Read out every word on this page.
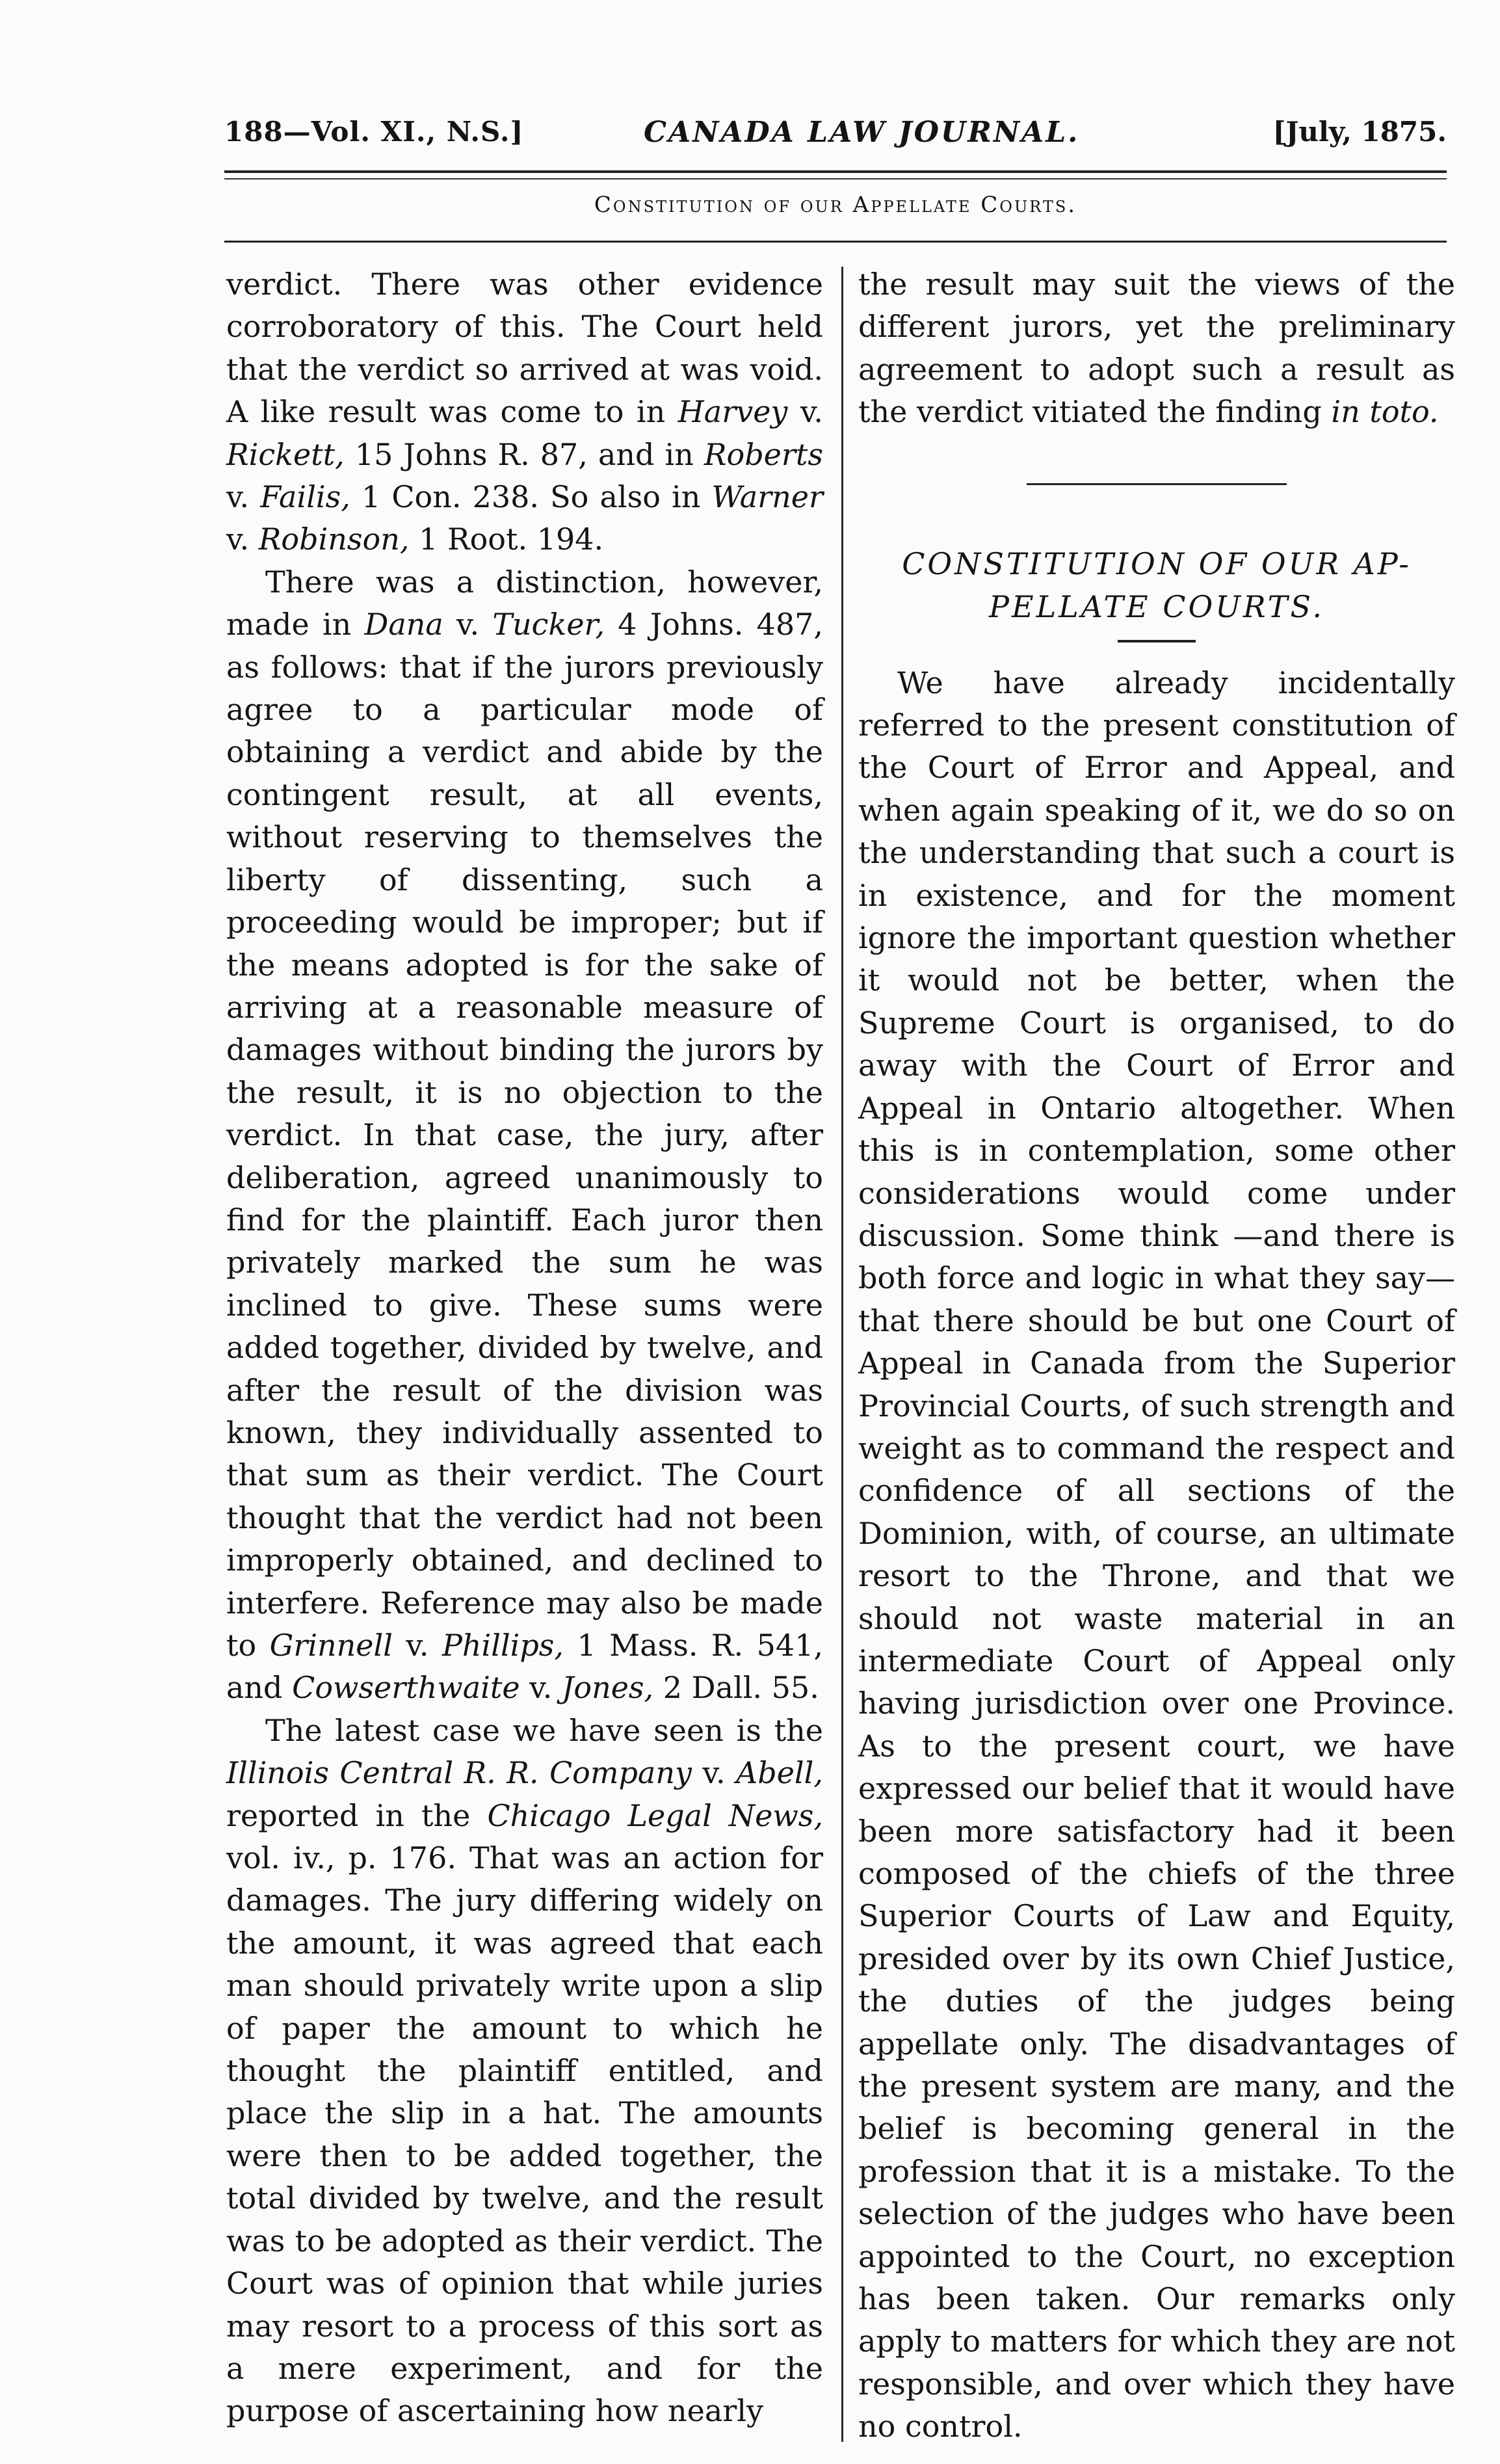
188—Vol. XI., N.S.]	CANADA LAW JOURNAL.	[July, 1875.
Constitution of our Appellate Courts.

verdict. There was other evidence corroboratory of this. The Court held that the verdict so arrived at was void. A like result was come to in Harvey v. Rickett, 15 Johns R. 87, and in Roberts v. Failis, 1 Con. 238. So also in Warner v. Robinson, 1 Root. 194.

There was a distinction, however, made in Dana v. Tucker, 4 Johns. 487, as follows: that if the jurors previously agree to a particular mode of obtaining a verdict and abide by the contingent result, at all events, without reserving to themselves the liberty of dissenting, such a proceeding would be improper; but if the means adopted is for the sake of arriving at a reasonable measure of damages without binding the jurors by the result, it is no objection to the verdict. In that case, the jury, after deliberation, agreed unanimously to find for the plaintiff. Each juror then privately marked the sum he was inclined to give. These sums were added together, divided by twelve, and after the result of the division was known, they individually assented to that sum as their verdict. The Court thought that the verdict had not been improperly obtained, and declined to interfere. Reference may also be made to Grinnell v. Phillips, 1 Mass. R. 541, and Cowserthwaite v. Jones, 2 Dall. 55.

The latest case we have seen is the Illinois Central R. R. Company v. Abell, reported in the Chicago Legal News, vol. iv., p. 176. That was an action for damages. The jury differing widely on the amount, it was agreed that each man should privately write upon a slip of paper the amount to which he thought the plaintiff entitled, and place the slip in a hat. The amounts were then to be added together, the total divided by twelve, and the result was to be adopted as their verdict. The Court was of opinion that while juries may resort to a process of this sort as a mere experiment, and for the purpose of ascertaining how nearly

the result may suit the views of the different jurors, yet the preliminary agreement to adopt such a result as the verdict vitiated the finding in toto.

CONSTITUTION OF OUR AP-
PELLATE COURTS.

We have already incidentally referred to the present constitution of the Court of Error and Appeal, and when again speaking of it, we do so on the understanding that such a court is in existence, and for the moment ignore the important question whether it would not be better, when the Supreme Court is organised, to do away with the Court of Error and Appeal in Ontario altogether. When this is in contemplation, some other considerations would come under discussion. Some think —and there is both force and logic in what they say—that there should be but one Court of Appeal in Canada from the Superior Provincial Courts, of such strength and weight as to command the respect and confidence of all sections of the Dominion, with, of course, an ultimate resort to the Throne, and that we should not waste material in an intermediate Court of Appeal only having jurisdiction over one Province. As to the present court, we have expressed our belief that it would have been more satisfactory had it been composed of the chiefs of the three Superior Courts of Law and Equity, presided over by its own Chief Justice, the duties of the judges being appellate only. The disadvantages of the present system are many, and the belief is becoming general in the profession that it is a mistake. To the selection of the judges who have been appointed to the Court, no exception has been taken. Our remarks only apply to matters for which they are not responsible, and over which they have no control.
